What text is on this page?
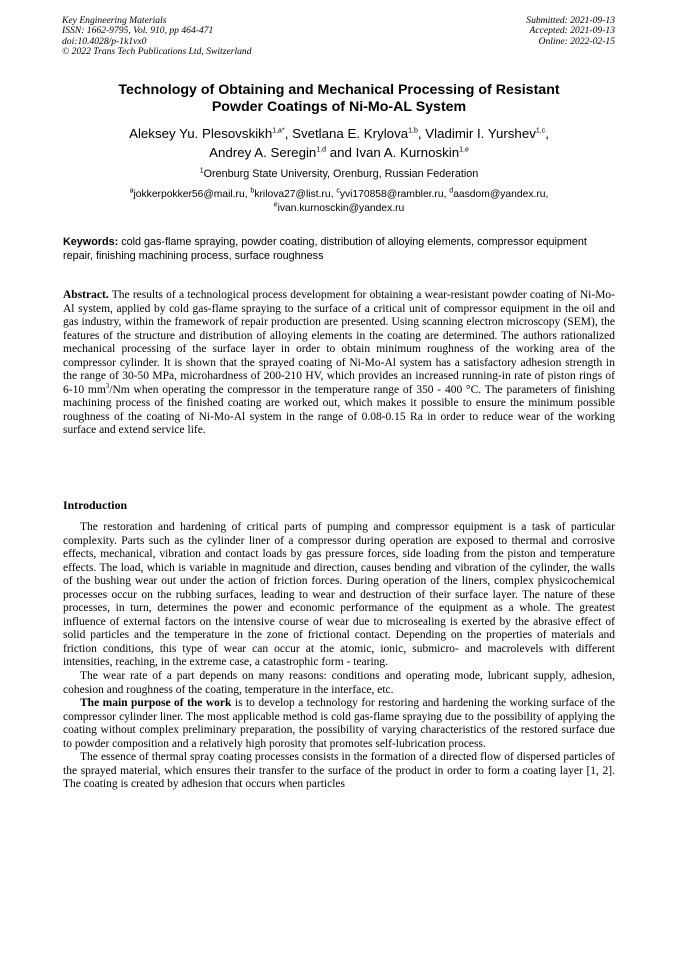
Key Engineering Materials
ISSN: 1662-9795, Vol. 910, pp 464-471
doi:10.4028/p-1k1vx0
© 2022 Trans Tech Publications Ltd, Switzerland
Submitted: 2021-09-13
Accepted: 2021-09-13
Online: 2022-02-15
Technology of Obtaining and Mechanical Processing of Resistant
Powder Coatings of Ni-Mo-AL System
Aleksey Yu. Plesovskikh$^{1,a*}$, Svetlana E. Krylova$^{1,b}$, Vladimir I. Yurshev$^{1,c}$,
Andrey A. Seregin$^{1,d}$ and Ivan A. Kurnoskin$^{1,e}$
$^1$Orenburg State University, Orenburg, Russian Federation
$^a$jokkerpokker56@mail.ru, $^b$krilova27@list.ru, $^c$yvi170858@rambler.ru, $^d$aasdom@yandex.ru,
$^e$ivan.kurnosckin@yandex.ru
Keywords: cold gas-flame spraying, powder coating, distribution of alloying elements, compressor equipment repair, finishing machining process, surface roughness
Abstract. The results of a technological process development for obtaining a wear-resistant powder coating of Ni-Mo-Al system, applied by cold gas-flame spraying to the surface of a critical unit of compressor equipment in the oil and gas industry, within the framework of repair production are presented. Using scanning electron microscopy (SEM), the features of the structure and distribution of alloying elements in the coating are determined. The authors rationalized mechanical processing of the surface layer in order to obtain minimum roughness of the working area of the compressor cylinder. It is shown that the sprayed coating of Ni-Mo-Al system has a satisfactory adhesion strength in the range of 30-50 MPa, microhardness of 200-210 HV, which provides an increased running-in rate of piston rings of 6-10 $mm^3/Nm$ when operating the compressor in the temperature range of 350 - 400 °C. The parameters of finishing machining process of the finished coating are worked out, which makes it possible to ensure the minimum possible roughness of the coating of Ni-Mo-Al system in the range of 0.08-0.15 Ra in order to reduce wear of the working surface and extend service life.
Introduction

The restoration and hardening of critical parts of pumping and compressor equipment is a task of particular complexity. Parts such as the cylinder liner of a compressor during operation are exposed to thermal and corrosive effects, mechanical, vibration and contact loads by gas pressure forces, side loading from the piston and temperature effects. The load, which is variable in magnitude and direction, causes bending and vibration of the cylinder, the walls of the bushing wear out under the action of friction forces. During operation of the liners, complex physicochemical processes occur on the rubbing surfaces, leading to wear and destruction of their surface layer. The nature of these processes, in turn, determines the power and economic performance of the equipment as a whole. The greatest influence of external factors on the intensive course of wear due to microsealing is exerted by the abrasive effect of solid particles and the temperature in the zone of frictional contact. Depending on the properties of materials and friction conditions, this type of wear can occur at the atomic, ionic, submicro- and macrolevels with different intensities, reaching, in the extreme case, a catastrophic form - tearing.

The wear rate of a part depends on many reasons: conditions and operating mode, lubricant supply, adhesion, cohesion and roughness of the coating, temperature in the interface, etc.

The main purpose of the work is to develop a technology for restoring and hardening the working surface of the compressor cylinder liner. The most applicable method is cold gas-flame spraying due to the possibility of applying the coating without complex preliminary preparation, the possibility of varying characteristics of the restored surface due to powder composition and a relatively high porosity that promotes self-lubrication process.

The essence of thermal spray coating processes consists in the formation of a directed flow of dispersed particles of the sprayed material, which ensures their transfer to the surface of the product in order to form a coating layer [1, 2]. The coating is created by adhesion that occurs when particles
